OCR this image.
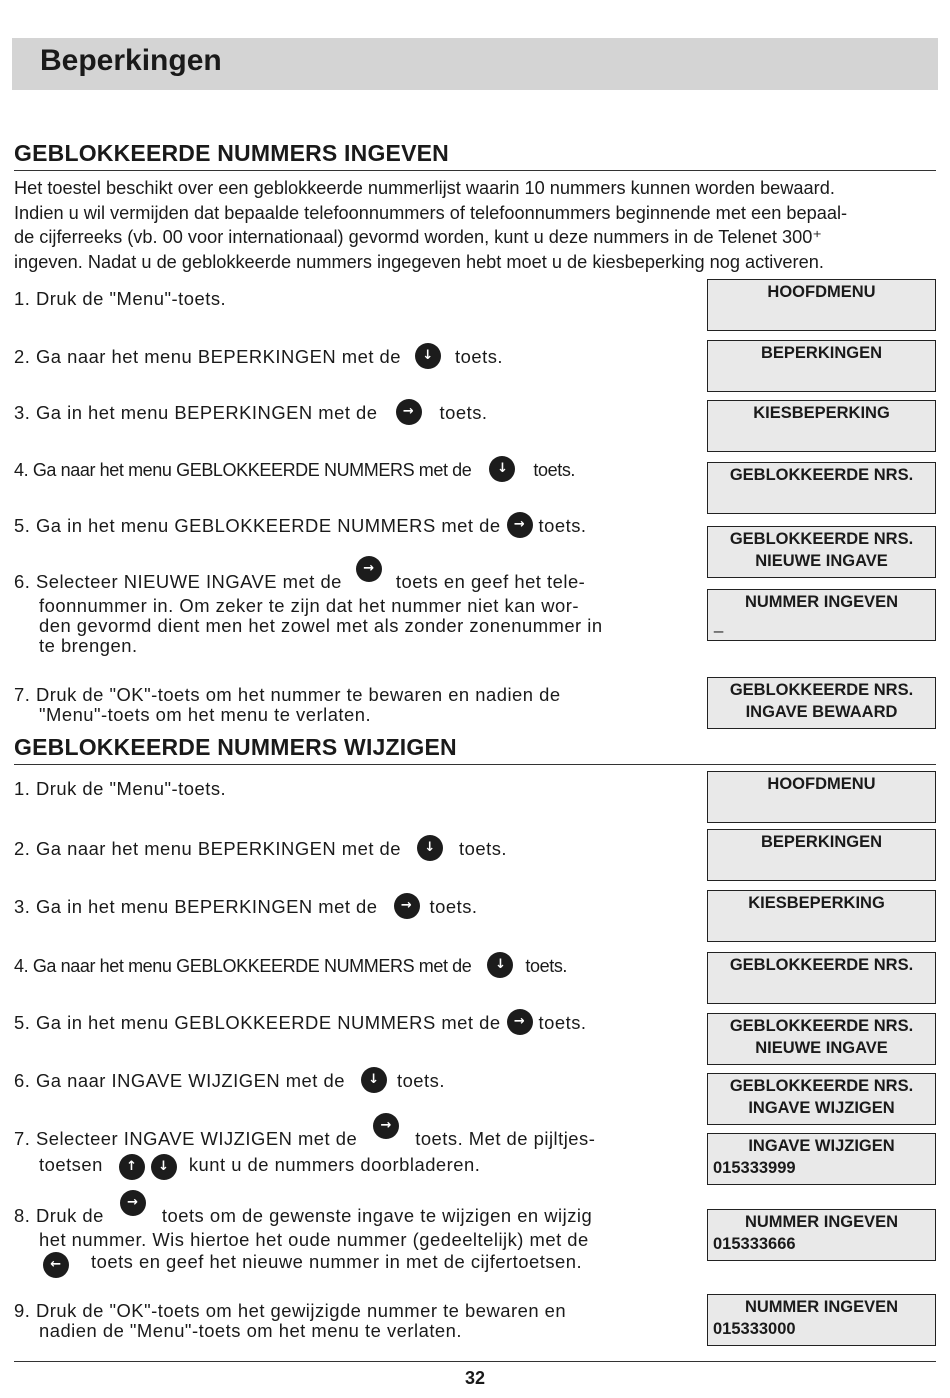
Beperkingen
GEBLOKKEERDE NUMMERS INGEVEN

Het toestel beschikt over een geblokkeerde nummerlijst waarin 10 nummers kunnen worden bewaard.
Indien u wil vermijden dat bepaalde telefoonnummers of telefoonnummers beginnende met een bepaal-
de cijferreeks (vb. 00 voor internationaal) gevormd worden, kunt u deze nummers in de Telenet 300⁺
ingeven. Nadat u de geblokkeerde nummers ingegeven hebt moet u de kiesbeperking nog activeren.

1. Druk de "Menu"-toets.

2. Ga naar het menu BEPERKINGEN met de ↓ toets.

3. Ga in het menu BEPERKINGEN met de → toets.

4. Ga naar het menu GEBLOKKEERDE NUMMERS met de ↓ toets.

5. Ga in het menu GEBLOKKEERDE NUMMERS met de → toets.

6. Selecteer NIEUWE INGAVE met de→toets en geef het tele-
foonnummer in. Om zeker te zijn dat het nummer niet kan wor-
den gevormd dient men het zowel met als zonder zonenummer in
te brengen.

7. Druk de "OK"-toets om het nummer te bewaren en nadien de
"Menu"-toets om het menu te verlaten.

HOOFDMENU
BEPERKINGEN
KIESBEPERKING
GEBLOKKEERDE NRS.
GEBLOKKEERDE NRS.
NIEUWE INGAVE
NUMMER INGEVEN
_
GEBLOKKEERDE NRS.
INGAVE BEWAARD
GEBLOKKEERDE NUMMERS WIJZIGEN

1. Druk de "Menu"-toets.

2. Ga naar het menu BEPERKINGEN met de ↓ toets.

3. Ga in het menu BEPERKINGEN met de → toets.

4. Ga naar het menu GEBLOKKEERDE NUMMERS met de ↓ toets.

5. Ga in het menu GEBLOKKEERDE NUMMERS met de → toets.

6. Ga naar INGAVE WIJZIGEN met de ↓ toets.

7. Selecteer INGAVE WIJZIGEN met de→toets. Met de pijltjes-
toetsen ↑ ↓ kunt u de nummers doorbladeren.

8. Druk de→toets om de gewenste ingave te wijzigen en wijzig
het nummer. Wis hiertoe het oude nummer (gedeeltelijk) met de
← toets en geef het nieuwe nummer in met de cijfertoetsen.

9. Druk de "OK"-toets om het gewijzigde nummer te bewaren en
nadien de "Menu"-toets om het menu te verlaten.

HOOFDMENU
BEPERKINGEN
KIESBEPERKING
GEBLOKKEERDE NRS.
GEBLOKKEERDE NRS.
NIEUWE INGAVE
GEBLOKKEERDE NRS.
INGAVE WIJZIGEN
INGAVE WIJZIGEN
015333999
NUMMER INGEVEN
015333666
NUMMER INGEVEN
015333000
32
